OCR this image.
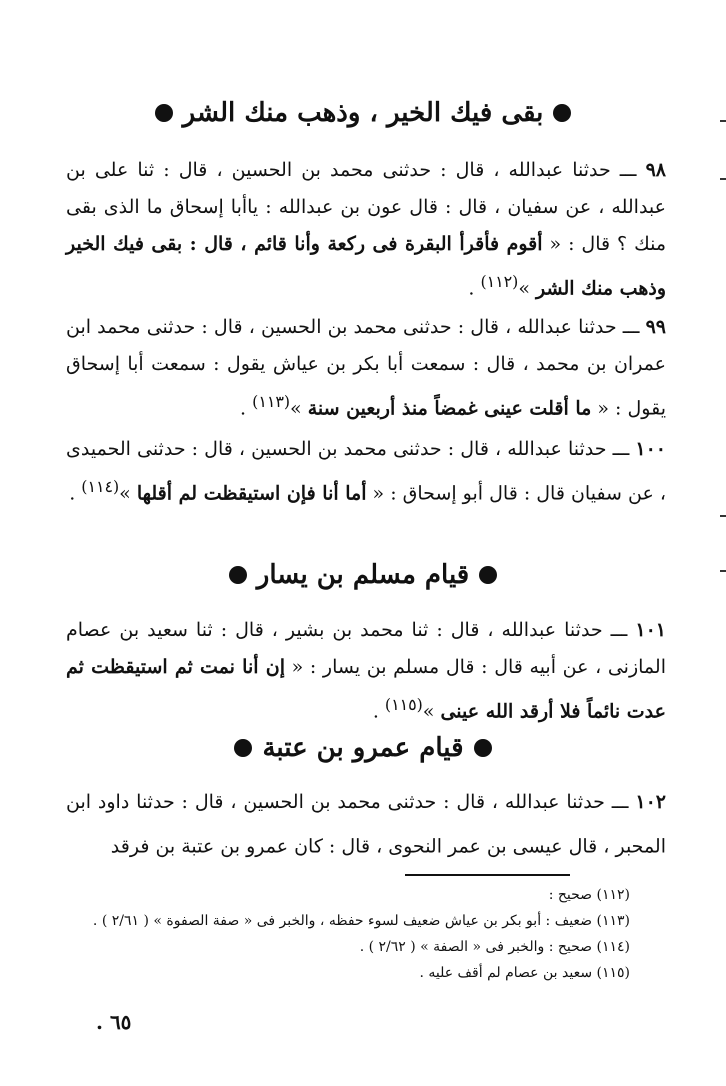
بقى فيك الخير ، وذهب منك الشر
٩٨ ـــ حدثنا عبدالله ، قال : حدثنى محمد بن الحسين ، قال : ثنا على بن عبدالله ، عن سفيان ، قال : قال عون بن عبدالله : ياأبا إسحاق ما الذى بقى منك ؟ قال : « أقوم فأقرأ البقرة فى ركعة وأنا قائم ، قال : بقى فيك الخير وذهب منك الشر »$^{(١١٢)}$ .
٩٩ ـــ حدثنا عبدالله ، قال : حدثنى محمد بن الحسين ، قال : حدثنى محمد ابن عمران بن محمد ، قال : سمعت أبا بكر بن عياش يقول : سمعت أبا إسحاق يقول : « ما أقلت عينى غمضاً منذ أربعين سنة »$^{(١١٣)}$ .
١٠٠ ـــ حدثنا عبدالله ، قال : حدثنى محمد بن الحسين ، قال : حدثنى الحميدى ، عن سفيان قال : قال أبو إسحاق : « أما أنا فإن استيقظت لم أقلها »$^{(١١٤)}$ .
قيام مسلم بن يسار
١٠١ ـــ حدثنا عبدالله ، قال : ثنا محمد بن بشير ، قال : ثنا سعيد بن عصام المازنى ، عن أبيه قال : قال مسلم بن يسار : « إن أنا نمت ثم استيقظت ثم عدت نائماً فلا أرقد الله عينى »$^{(١١٥)}$ .
قيام عمرو بن عتبة
١٠٢ ـــ حدثنا عبدالله ، قال : حدثنى محمد بن الحسين ، قال : حدثنا داود ابن المحبر ، قال عيسى بن عمر النحوى ، قال : كان عمرو بن عتبة بن فرقد
(١١٢) صحيح :
(١١٣) ضعيف : أبو بكر بن عياش ضعيف لسوء حفظه ، والخبر فى « صفة الصفوة » ( ٢/٦١ ) .
(١١٤) صحيح : والخبر فى « الصفة » ( ٢/٦٢ ) .
(١١٥) سعيد بن عصام لم أقف عليه .
. ٦٥
